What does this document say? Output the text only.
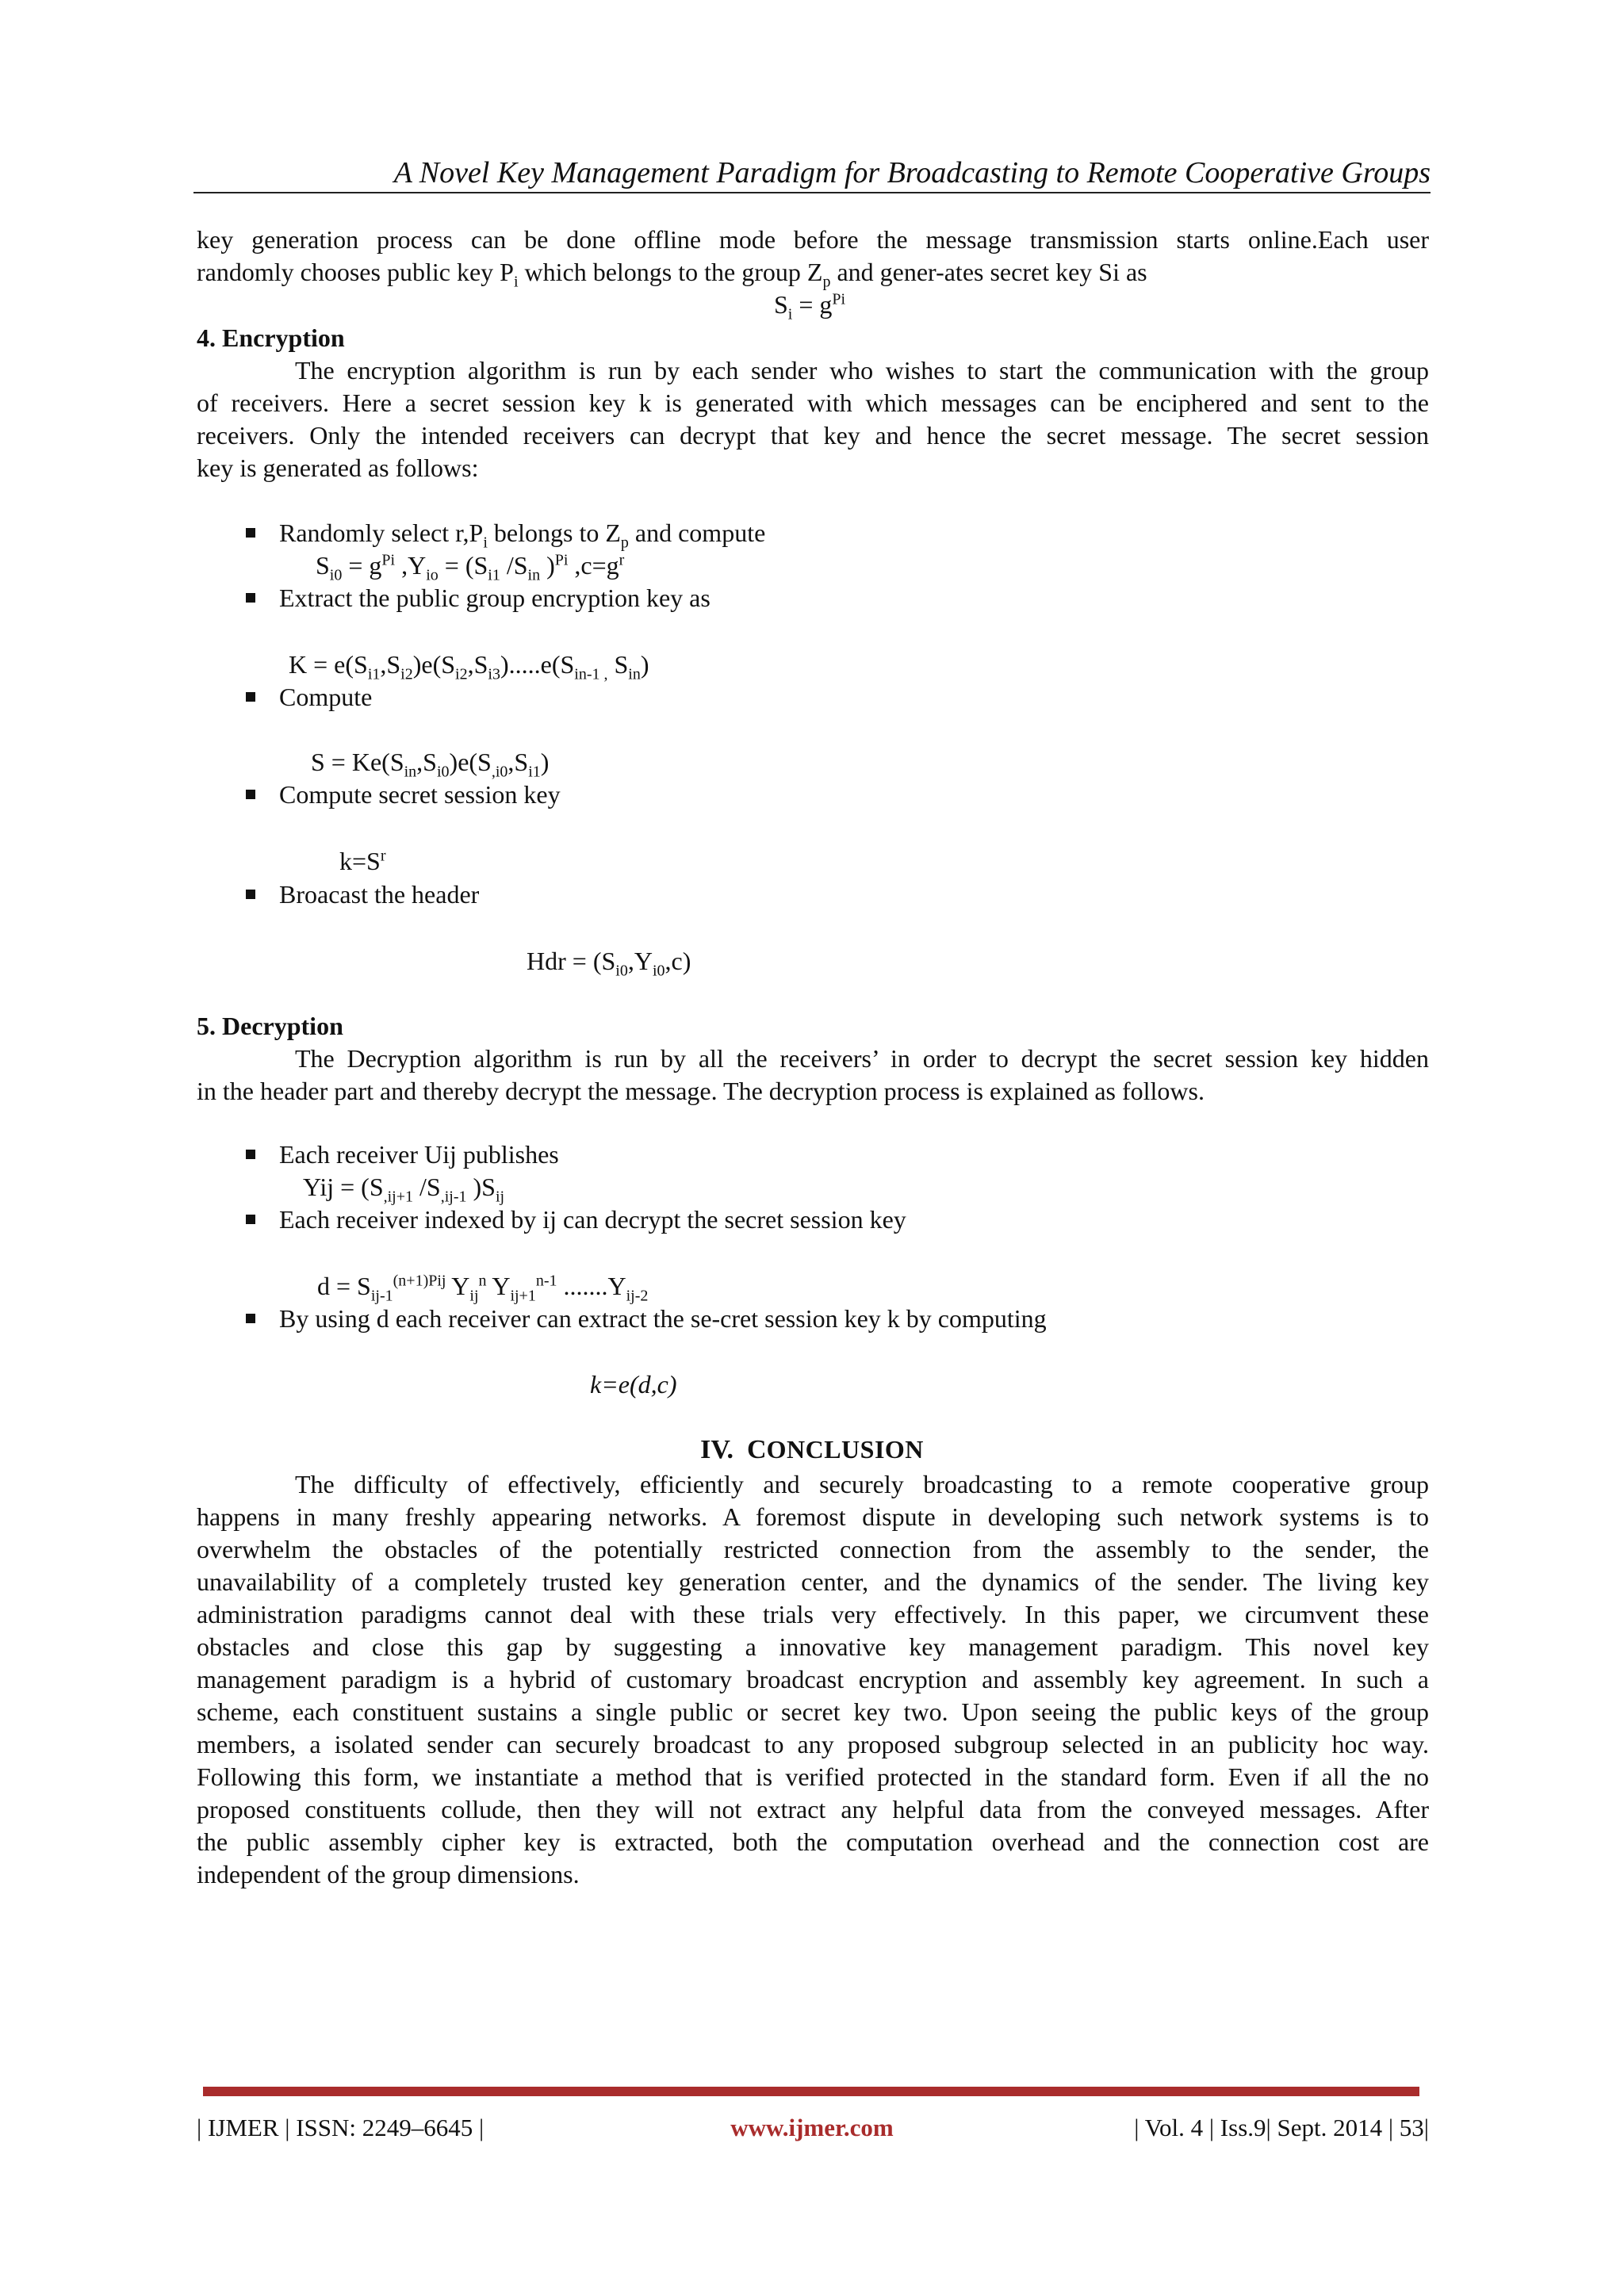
A Novel Key Management Paradigm for Broadcasting to Remote Cooperative Groups
key generation process can be done offline mode before the message transmission starts online.Each user
randomly chooses public key $P_i$ which belongs to the group $Z_p$ and gener-ates secret key Si as
$S_i = g^{Pi}$
4. Encryption
The encryption algorithm is run by each sender who wishes to start the communication with the group
of receivers. Here a secret session key k is generated with which messages can be enciphered and sent to the
receivers. Only the intended receivers can decrypt that key and hence the secret message. The secret session
key is generated as follows:
Randomly select $r,P_i$ belongs to $Z_p$ and compute
$S_{i0} = g^{Pi}$ $,Y_{io} = (S_{i1}$ $/S_{in}$ )$^{Pi}$ $,c=g^r$
Extract the public group encryption key as
$K = e(S_{i1},S_{i2})e(S_{i2},S_{i3}).....e(S_{in-1 ,}$ $S_{in}$)
Compute
$S = Ke(S_{in},S_{i0})e(S_{,i0},S_{i1})$
Compute secret session key
$k=S^r$
Broacast the header
Hdr = $(S_{i0},Y_{i0},c)$
5. Decryption
The Decryption algorithm is run by all the receivers’ in order to decrypt the secret session key hidden
in the header part and thereby decrypt the message. The decryption process is explained as follows.
Each receiver Uij publishes
Yij = ($S_{,ij+1}$ $/S_{,ij-1}$ )$S_{ij}$
Each receiver indexed by ij can decrypt the secret session key
$d = S_{ij-1}^{(n+1)Pij}$ $Y_{ij}^n$ $Y_{ij+1}^{n-1}$ $.......Y_{ij-2}$
By using d each receiver can extract the se-cret session key k by computing
k=e(d,c)
IV. CONCLUSION
The difficulty of effectively, efficiently and securely broadcasting to a remote cooperative group
happens in many freshly appearing networks. A foremost dispute in developing such network systems is to
overwhelm the obstacles of the potentially restricted connection from the assembly to the sender, the
unavailability of a completely trusted key generation center, and the dynamics of the sender. The living key
administration paradigms cannot deal with these trials very effectively. In this paper, we circumvent these
obstacles and close this gap by suggesting a innovative key management paradigm. This novel key
management paradigm is a hybrid of customary broadcast encryption and assembly key agreement. In such a
scheme, each constituent sustains a single public or secret key two. Upon seeing the public keys of the group
members, a isolated sender can securely broadcast to any proposed subgroup selected in an publicity hoc way.
Following this form, we instantiate a method that is verified protected in the standard form. Even if all the no
proposed constituents collude, then they will not extract any helpful data from the conveyed messages. After
the public assembly cipher key is extracted, both the computation overhead and the connection cost are
independent of the group dimensions.
| IJMER | ISSN: 2249–6645 |	www.ijmer.com	| Vol. 4 | Iss.9| Sept. 2014 | 53|
